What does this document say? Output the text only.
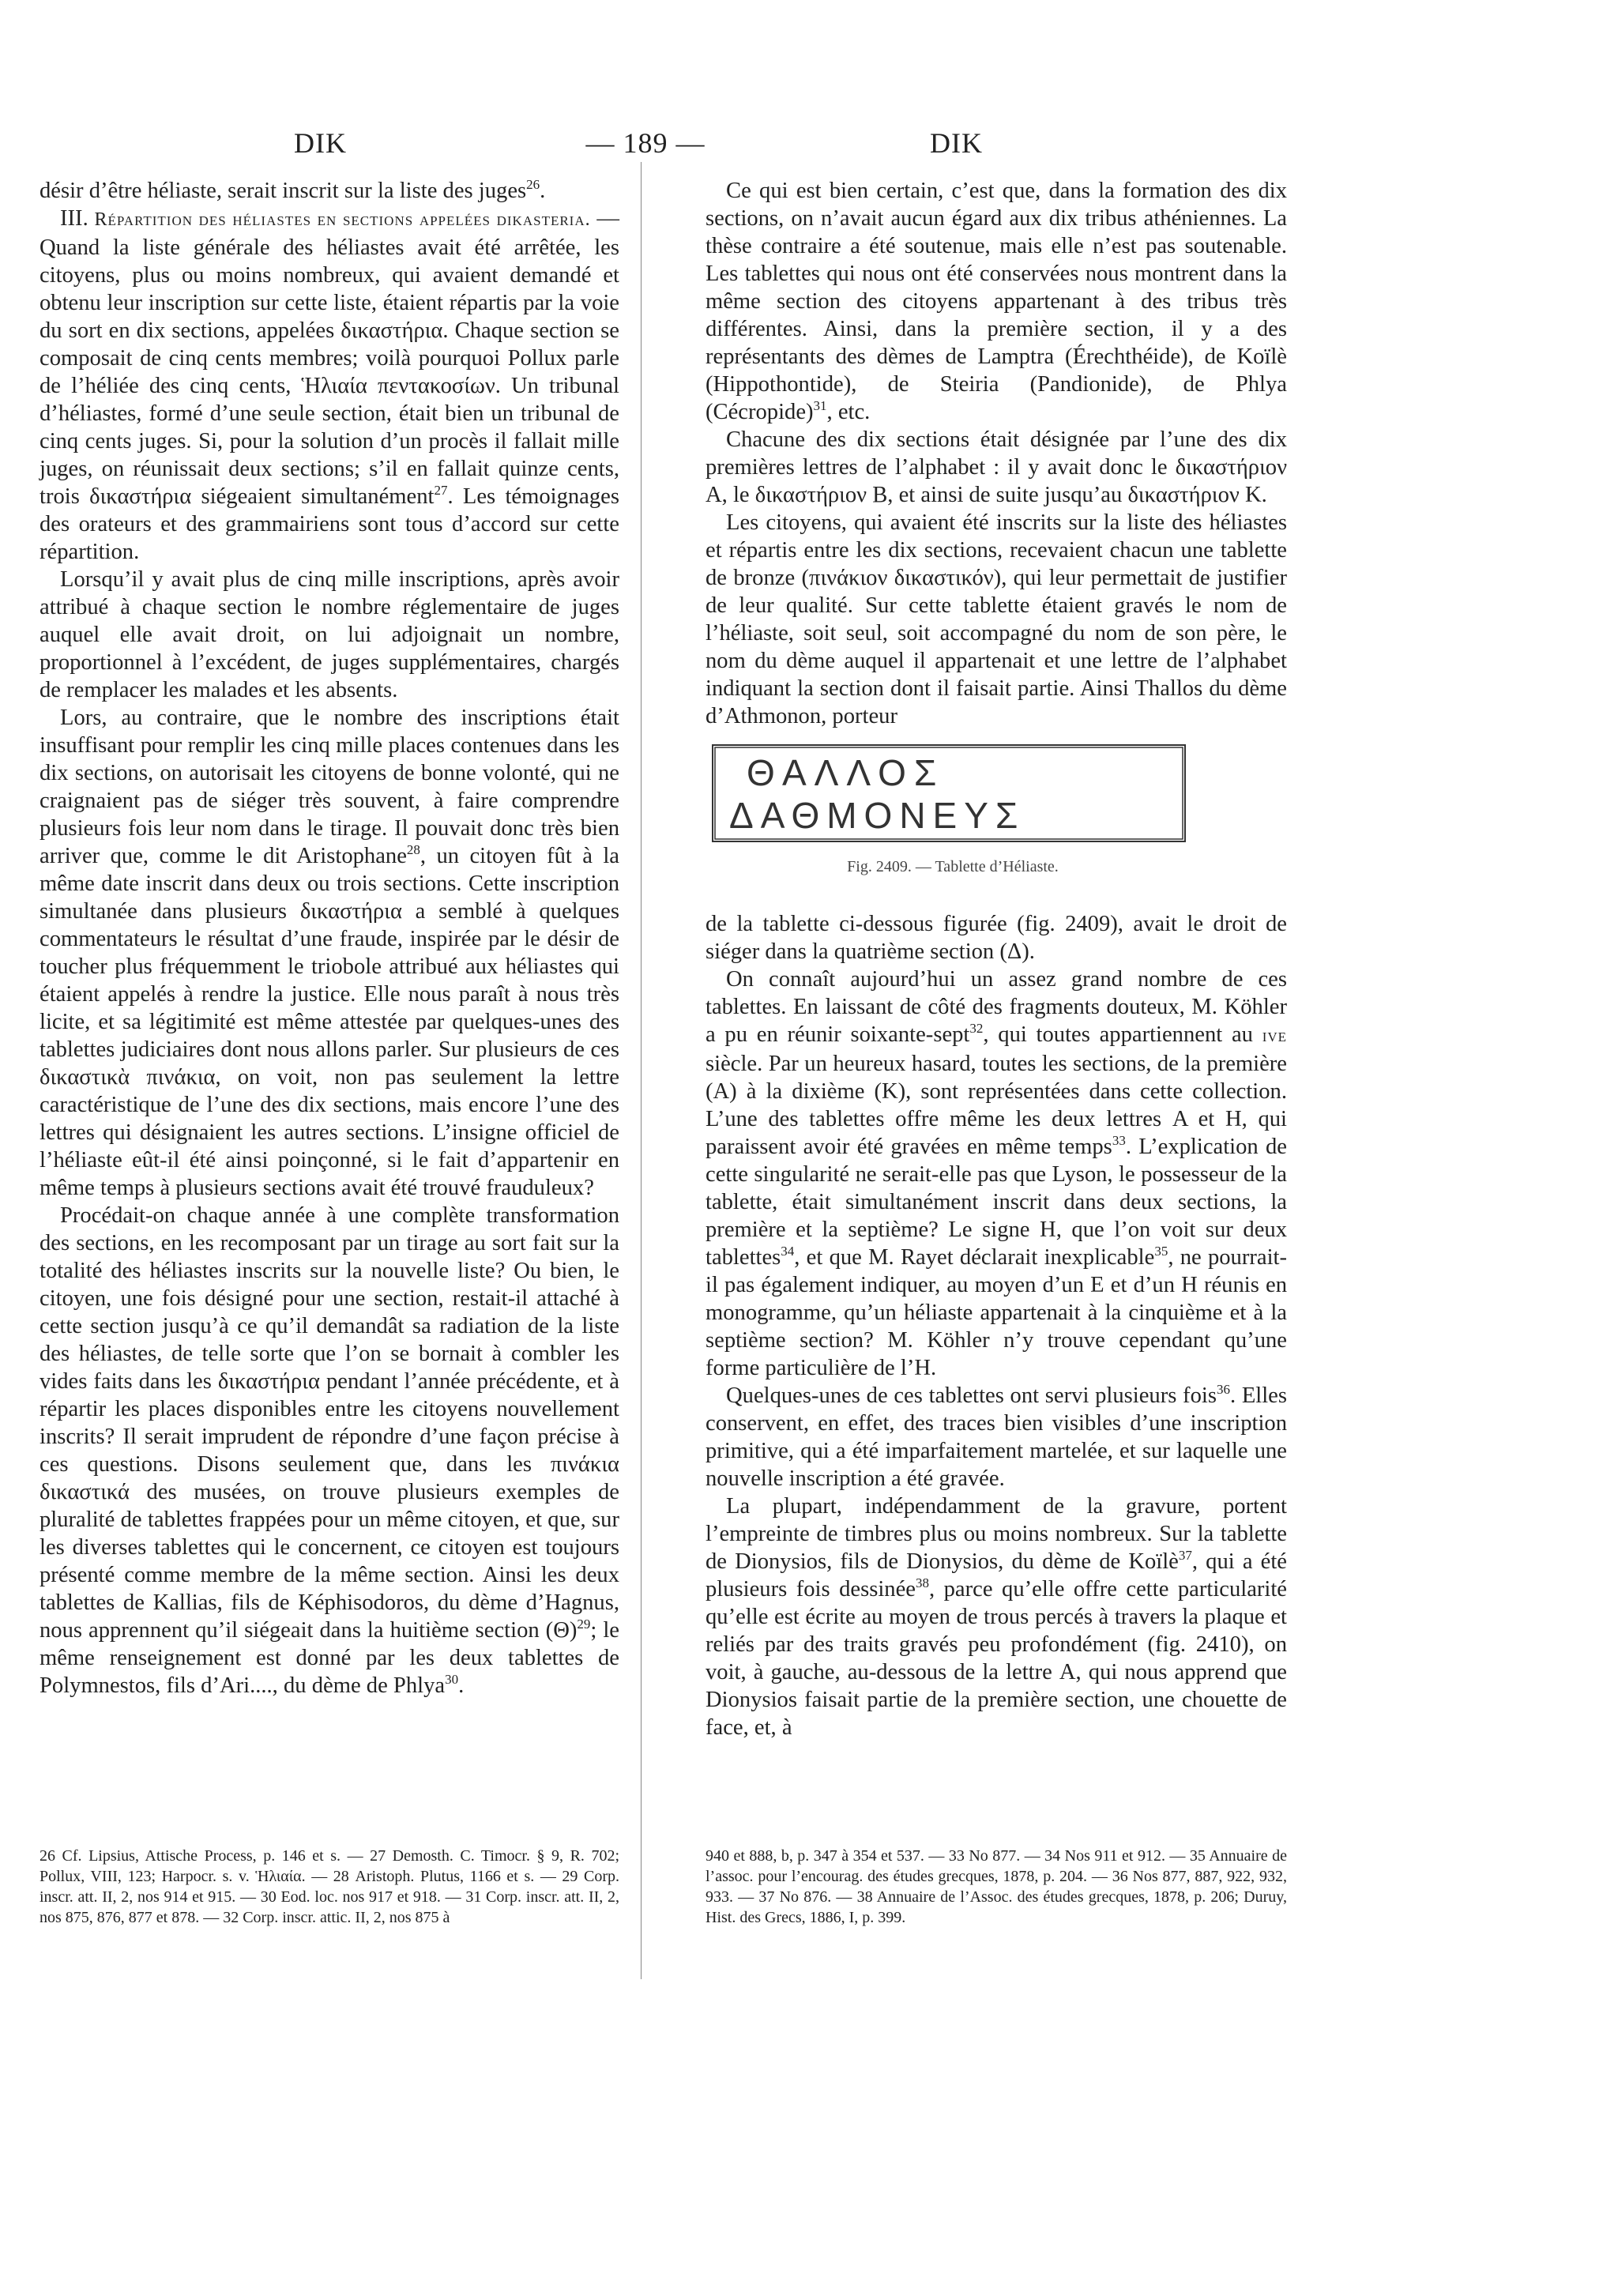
DIK	— 189 —	DIK

désir d’être héliaste, serait inscrit sur la liste des juges$^{26}$.

III. Répartition des héliastes en sections appelées dikasteria. — Quand la liste générale des héliastes avait été arrêtée, les citoyens, plus ou moins nombreux, qui avaient demandé et obtenu leur inscription sur cette liste, étaient répartis par la voie du sort en dix sections, appelées δικαστήρια. Chaque section se composait de cinq cents membres; voilà pourquoi Pollux parle de l’héliée des cinq cents, Ἡλιαία πεντακοσίων. Un tribunal d’héliastes, formé d’une seule section, était bien un tribunal de cinq cents juges. Si, pour la solution d’un procès il fallait mille juges, on réunissait deux sections; s’il en fallait quinze cents, trois δικαστήρια siégeaient simultanément$^{27}$. Les témoignages des orateurs et des grammairiens sont tous d’accord sur cette répartition.

Lorsqu’il y avait plus de cinq mille inscriptions, après avoir attribué à chaque section le nombre réglementaire de juges auquel elle avait droit, on lui adjoignait un nombre, proportionnel à l’excédent, de juges supplémentaires, chargés de remplacer les malades et les absents.

Lors, au contraire, que le nombre des inscriptions était insuffisant pour remplir les cinq mille places contenues dans les dix sections, on autorisait les citoyens de bonne volonté, qui ne craignaient pas de siéger très souvent, à faire comprendre plusieurs fois leur nom dans le tirage. Il pouvait donc très bien arriver que, comme le dit Aristophane$^{28}$, un citoyen fût à la même date inscrit dans deux ou trois sections. Cette inscription simultanée dans plusieurs δικαστήρια a semblé à quelques commentateurs le résultat d’une fraude, inspirée par le désir de toucher plus fréquemment le triobole attribué aux héliastes qui étaient appelés à rendre la justice. Elle nous paraît à nous très licite, et sa légitimité est même attestée par quelques-unes des tablettes judiciaires dont nous allons parler. Sur plusieurs de ces δικαστικὰ πινάκια, on voit, non pas seulement la lettre caractéristique de l’une des dix sections, mais encore l’une des lettres qui désignaient les autres sections. L’insigne officiel de l’héliaste eût-il été ainsi poinçonné, si le fait d’appartenir en même temps à plusieurs sections avait été trouvé frauduleux?

Procédait-on chaque année à une complète transformation des sections, en les recomposant par un tirage au sort fait sur la totalité des héliastes inscrits sur la nouvelle liste? Ou bien, le citoyen, une fois désigné pour une section, restait-il attaché à cette section jusqu’à ce qu’il demandât sa radiation de la liste des héliastes, de telle sorte que l’on se bornait à combler les vides faits dans les δικαστήρια pendant l’année précédente, et à répartir les places disponibles entre les citoyens nouvellement inscrits? Il serait imprudent de répondre d’une façon précise à ces questions. Disons seulement que, dans les πινάκια δικαστικά des musées, on trouve plusieurs exemples de pluralité de tablettes frappées pour un même citoyen, et que, sur les diverses tablettes qui le concernent, ce citoyen est toujours présenté comme membre de la même section. Ainsi les deux tablettes de Kallias, fils de Képhisodoros, du dème d’Hagnus, nous apprennent qu’il siégeait dans la huitième section $(\Theta)^{29}$; le même renseignement est donné par les deux tablettes de Polymnestos, fils d’Ari...., du dème de Phlya$^{30}$.

Ce qui est bien certain, c’est que, dans la formation des dix sections, on n’avait aucun égard aux dix tribus athéniennes. La thèse contraire a été soutenue, mais elle n’est pas soutenable. Les tablettes qui nous ont été conservées nous montrent dans la même section des citoyens appartenant à des tribus très différentes. Ainsi, dans la première section, il y a des représentants des dèmes de Lamptra (Érechthéide), de Koïlè (Hippothontide), de Steiria (Pandionide), de Phlya (Cécropide)$^{31}$, etc.

Chacune des dix sections était désignée par l’une des dix premières lettres de l’alphabet : il y avait donc le δικαστήριον Α, le δικαστήριον Β, et ainsi de suite jusqu’au δικαστήριον Κ.

Les citoyens, qui avaient été inscrits sur la liste des héliastes et répartis entre les dix sections, recevaient chacun une tablette de bronze (πινάκιον δικαστικόν), qui leur permettait de justifier de leur qualité. Sur cette tablette étaient gravés le nom de l’héliaste, soit seul, soit accompagné du nom de son père, le nom du dème auquel il appartenait et une lettre de l’alphabet indiquant la section dont il faisait partie. Ainsi Thallos du dème d’Athmonon, porteur

de la tablette ci-dessous figurée (fig. 2409), avait le droit de siéger dans la quatrième section (Δ).

On connaît aujourd’hui un assez grand nombre de ces tablettes. En laissant de côté des fragments douteux, M. Köhler a pu en réunir soixante-sept$^{32}$, qui toutes appartiennent au ive siècle. Par un heureux hasard, toutes les sections, de la première (Α) à la dixième (Κ), sont représentées dans cette collection. L’une des tablettes offre même les deux lettres Α et Η, qui paraissent avoir été gravées en même temps$^{33}$. L’explication de cette singularité ne serait-elle pas que Lyson, le possesseur de la tablette, était simultanément inscrit dans deux sections, la première et la septième? Le signe Η, que l’on voit sur deux tablettes$^{34}$, et que M. Rayet déclarait inexplicable$^{35}$, ne pourrait-il pas également indiquer, au moyen d’un Ε et d’un Η réunis en monogramme, qu’un héliaste appartenait à la cinquième et à la septième section? M. Köhler n’y trouve cependant qu’une forme particulière de l’Η.

Quelques-unes de ces tablettes ont servi plusieurs fois$^{36}$. Elles conservent, en effet, des traces bien visibles d’une inscription primitive, qui a été imparfaitement martelée, et sur laquelle une nouvelle inscription a été gravée.

La plupart, indépendamment de la gravure, portent l’empreinte de timbres plus ou moins nombreux. Sur la tablette de Dionysios, fils de Dionysios, du dème de Koïlè$^{37}$, qui a été plusieurs fois dessinée$^{38}$, parce qu’elle offre cette particularité qu’elle est écrite au moyen de trous percés à travers la plaque et reliés par des traits gravés peu profondément (fig. 2410), on voit, à gauche, au-dessous de la lettre Α, qui nous apprend que Dionysios faisait partie de la première section, une chouette de face, et, à

ΘΑΛΛΟΣ
ΔΑΘΜΟΝΕΥΣ
Fig. 2409. — Tablette d’Héliaste.
26 Cf. Lipsius, Attische Process, p. 146 et s. — 27 Demosth. C. Timocr. § 9, R. 702; Pollux, VIII, 123; Harpocr. s. v. Ἡλιαία. — 28 Aristoph. Plutus, 1166 et s. — 29 Corp. inscr. att. II, 2, nos 914 et 915. — 30 Eod. loc. nos 917 et 918. — 31 Corp. inscr. att. II, 2, nos 875, 876, 877 et 878. — 32 Corp. inscr. attic. II, 2, nos 875 à
940 et 888, b, p. 347 à 354 et 537. — 33 No 877. — 34 Nos 911 et 912. — 35 Annuaire de l’assoc. pour l’encourag. des études grecques, 1878, p. 204. — 36 Nos 877, 887, 922, 932, 933. — 37 No 876. — 38 Annuaire de l’Assoc. des études grecques, 1878, p. 206; Duruy, Hist. des Grecs, 1886, I, p. 399.
